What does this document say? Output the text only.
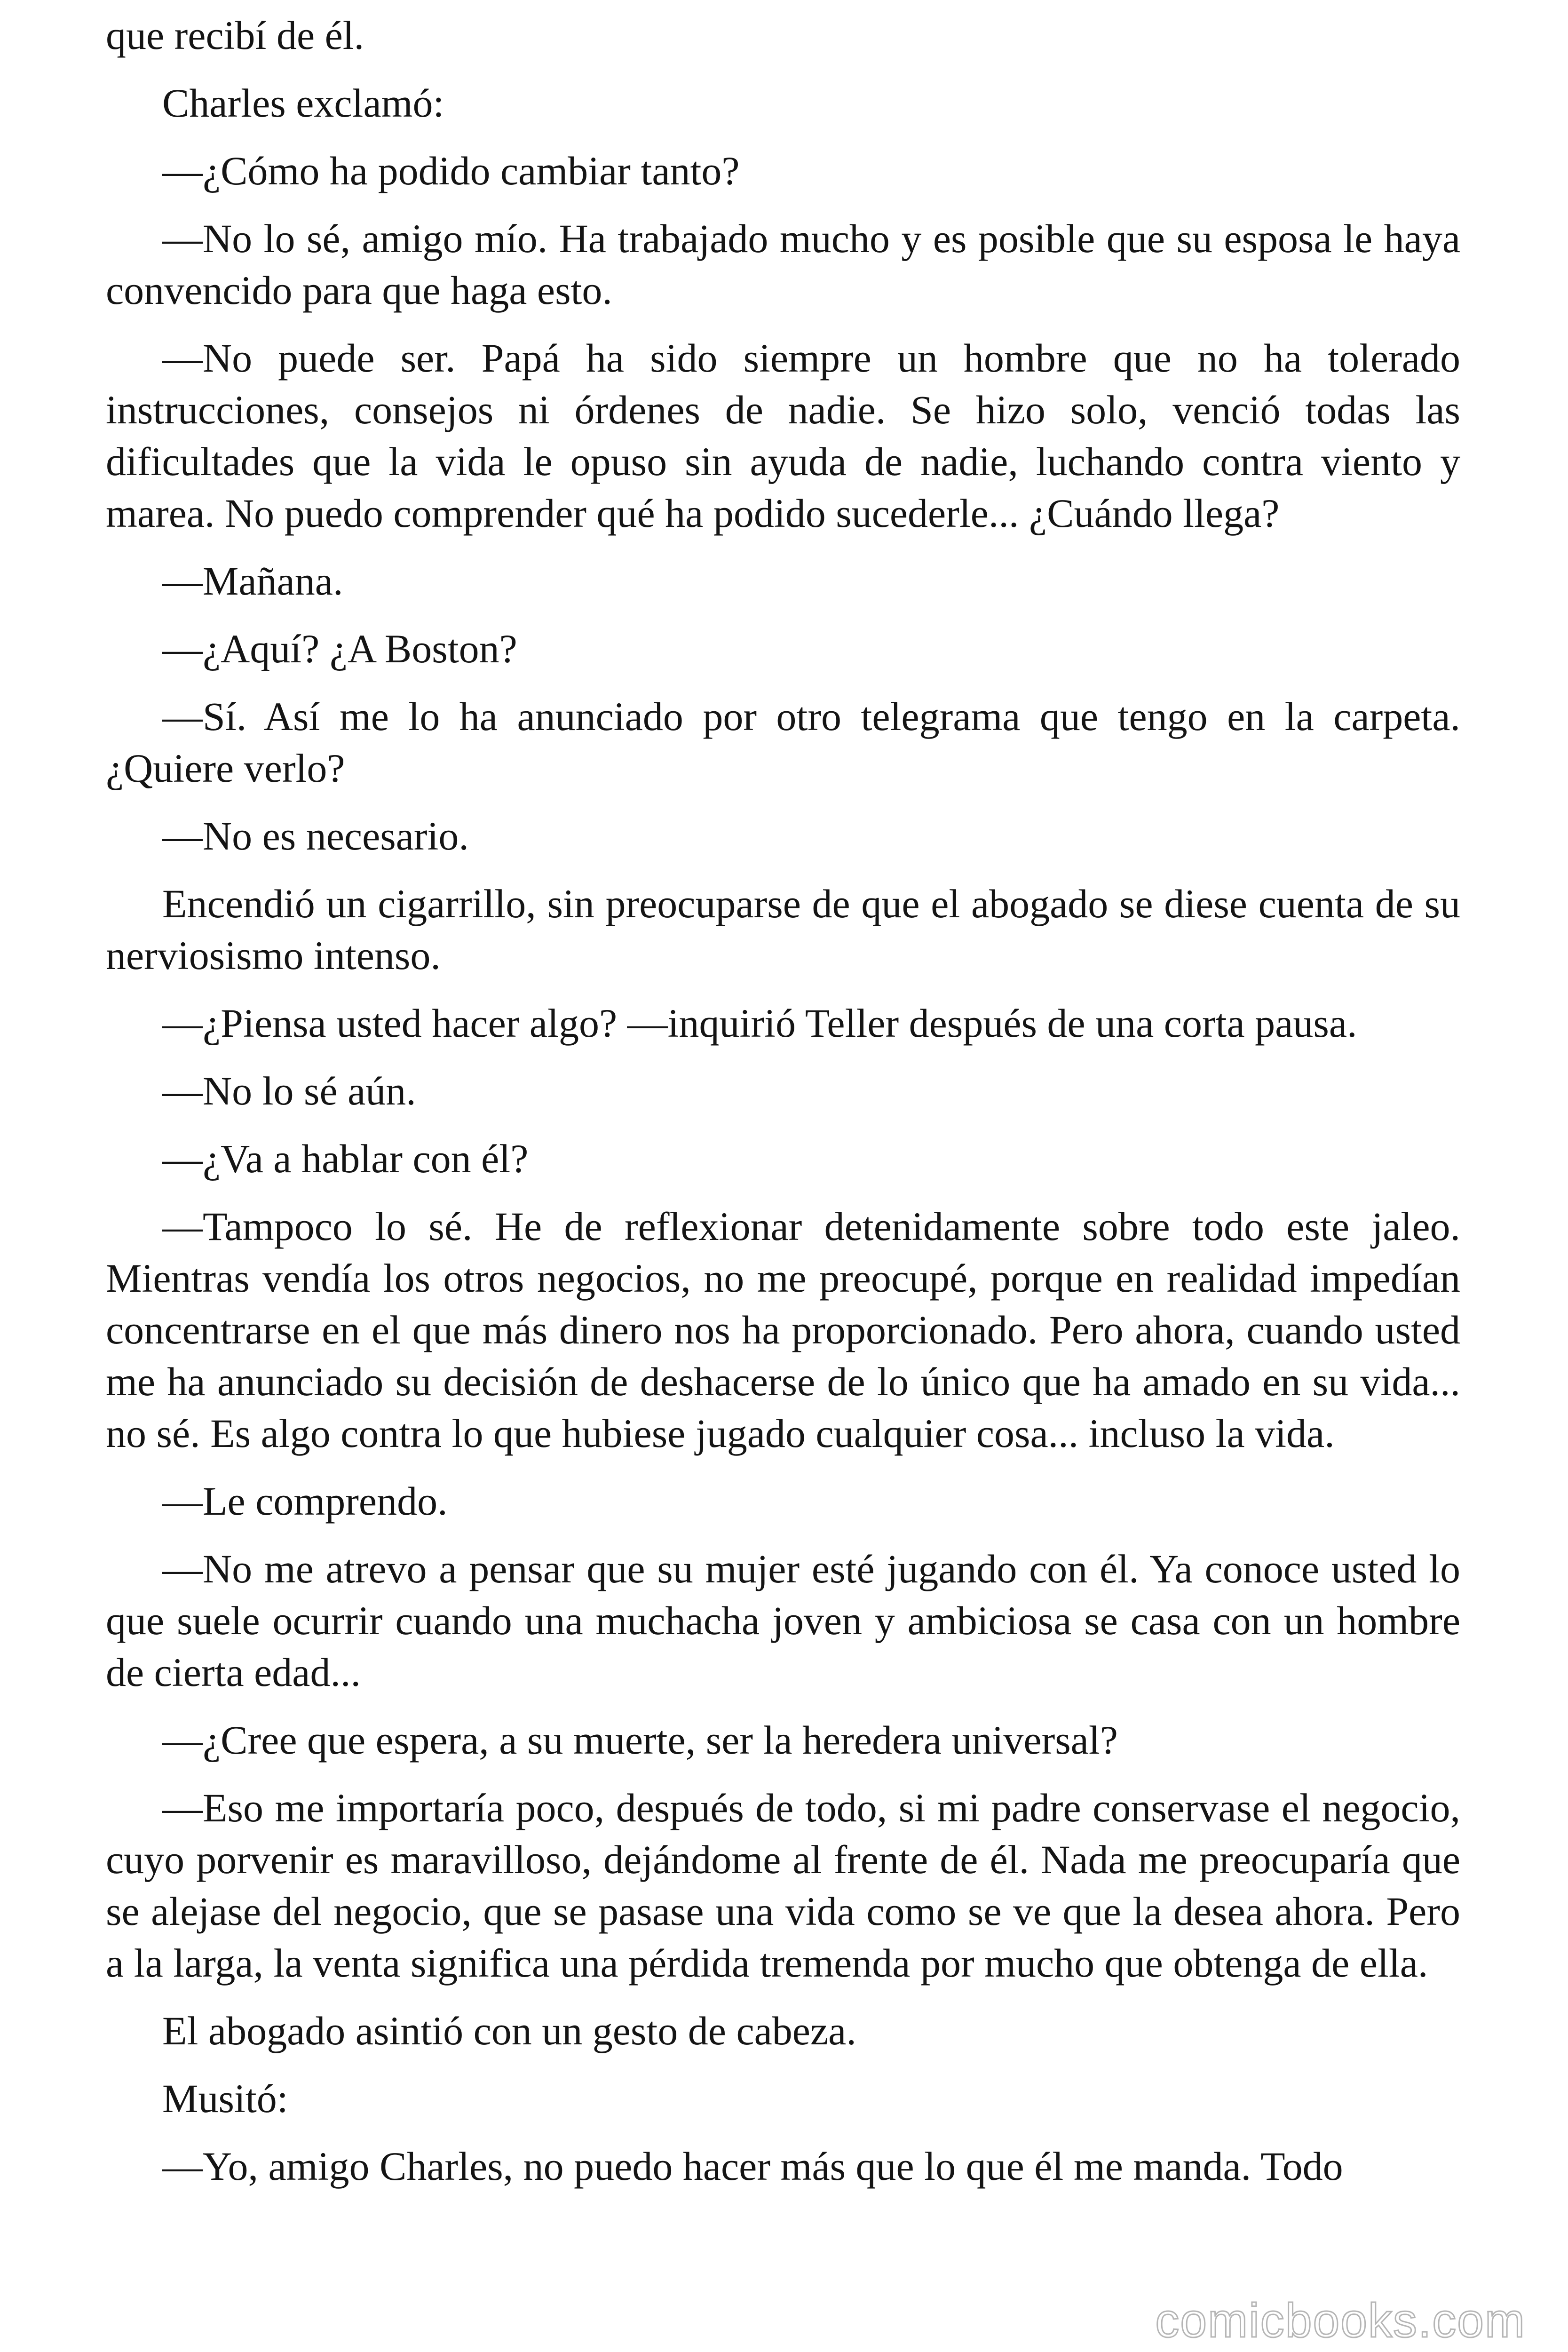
que recibí de él.

Charles exclamó:

—¿Cómo ha podido cambiar tanto?

—No lo sé, amigo mío. Ha trabajado mucho y es posible que su esposa le haya convencido para que haga esto.

—No puede ser. Papá ha sido siempre un hombre que no ha tolerado instrucciones, consejos ni órdenes de nadie. Se hizo solo, venció todas las dificultades que la vida le opuso sin ayuda de nadie, luchando contra viento y marea. No puedo comprender qué ha podido sucederle... ¿Cuándo llega?

—Mañana.

—¿Aquí? ¿A Boston?

—Sí. Así me lo ha anunciado por otro telegrama que tengo en la carpeta. ¿Quiere verlo?

—No es necesario.

Encendió un cigarrillo, sin preocuparse de que el abogado se diese cuenta de su nerviosismo intenso.

—¿Piensa usted hacer algo? —inquirió Teller después de una corta pausa.

—No lo sé aún.

—¿Va a hablar con él?

—Tampoco lo sé. He de reflexionar detenidamente sobre todo este jaleo. Mientras vendía los otros negocios, no me preocupé, porque en realidad impedían concentrarse en el que más dinero nos ha proporcionado. Pero ahora, cuando usted me ha anunciado su decisión de deshacerse de lo único que ha amado en su vida... no sé. Es algo contra lo que hubiese jugado cualquier cosa... incluso la vida.

—Le comprendo.

—No me atrevo a pensar que su mujer esté jugando con él. Ya conoce usted lo que suele ocurrir cuando una muchacha joven y ambiciosa se casa con un hombre de cierta edad...

—¿Cree que espera, a su muerte, ser la heredera universal?

—Eso me importaría poco, después de todo, si mi padre conservase el negocio, cuyo porvenir es maravilloso, dejándome al frente de él. Nada me preocuparía que se alejase del negocio, que se pasase una vida como se ve que la desea ahora. Pero a la larga, la venta significa una pérdida tremenda por mucho que obtenga de ella.

El abogado asintió con un gesto de cabeza.

Musitó:

—Yo, amigo Charles, no puedo hacer más que lo que él me manda. Todo

comicbooks.com
